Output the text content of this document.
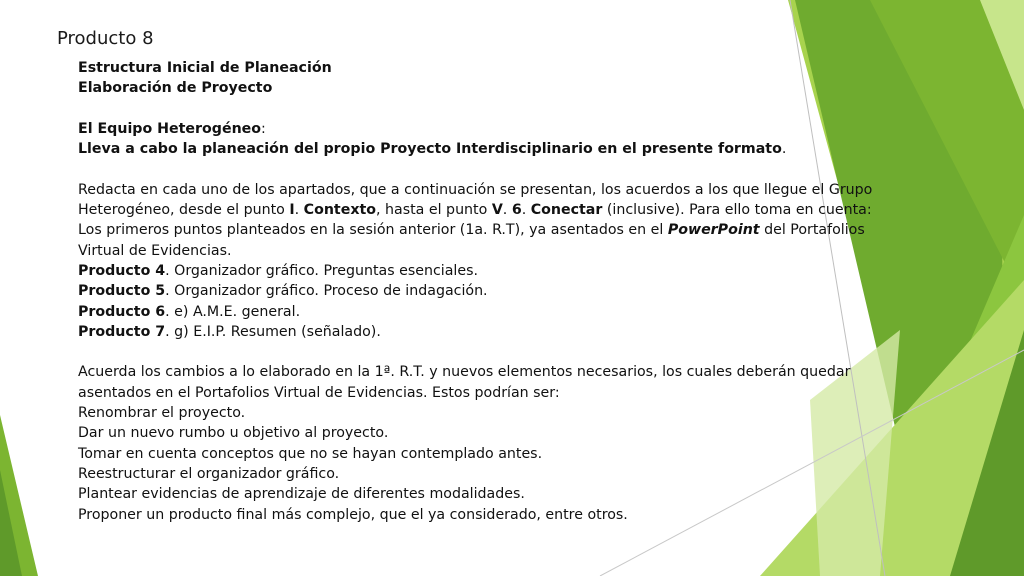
Producto 8

Estructura Inicial de Planeación

Elaboración de Proyecto

El Equipo Heterogéneo:

Lleva a cabo la planeación del propio Proyecto Interdisciplinario en el presente formato.

Redacta en cada uno de los apartados, que a continuación se presentan, los acuerdos a los que llegue el Grupo

Heterogéneo, desde el punto I. Contexto, hasta el punto V. 6. Conectar (inclusive). Para ello toma en cuenta:

Los primeros puntos planteados en la sesión anterior (1a. R.T), ya asentados en el PowerPoint del Portafolios

Virtual de Evidencias.

Producto 4. Organizador gráfico. Preguntas esenciales.

Producto 5. Organizador gráfico. Proceso de indagación.

Producto 6. e) A.M.E. general.

Producto 7. g) E.I.P. Resumen (señalado).

Acuerda los cambios a lo elaborado en la 1ª. R.T. y nuevos elementos necesarios, los cuales deberán quedar

asentados en el Portafolios Virtual de Evidencias. Estos podrían ser:

Renombrar el proyecto.

Dar un nuevo rumbo u objetivo al proyecto.

Tomar en cuenta conceptos que no se hayan contemplado antes.

Reestructurar el organizador gráfico.

Plantear evidencias de aprendizaje de diferentes modalidades.

Proponer un producto final más complejo, que el ya considerado, entre otros.
